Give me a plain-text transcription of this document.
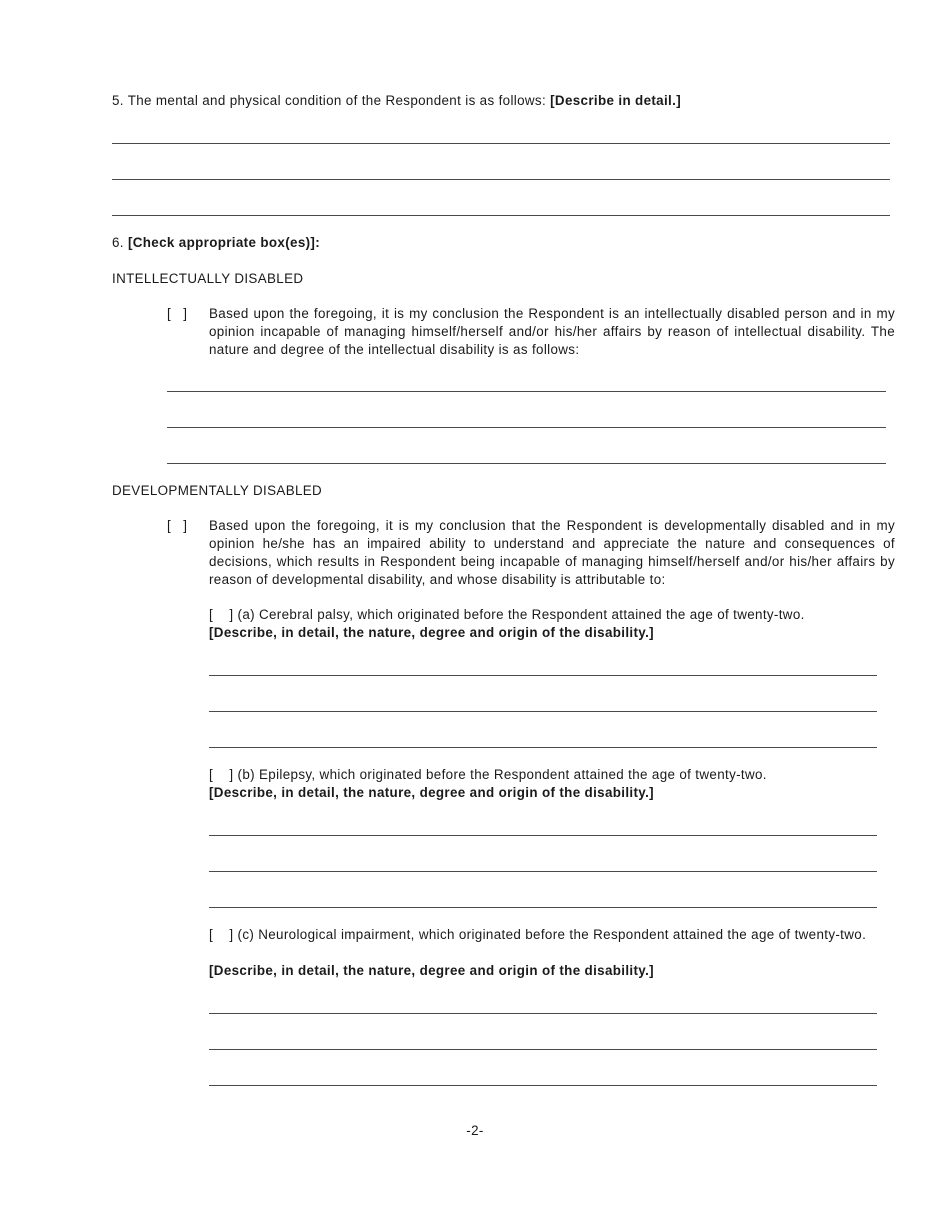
5. The mental and physical condition of the Respondent is as follows: [Describe in detail.]
6. [Check appropriate box(es)]:
INTELLECTUALLY DISABLED
[   ] Based upon the foregoing, it is my conclusion the Respondent is an intellectually disabled person and in my opinion incapable of managing himself/herself and/or his/her affairs by reason of intellectual disability. The nature and degree of the intellectual disability is as follows:
DEVELOPMENTALLY DISABLED
[   ] Based upon the foregoing, it is my conclusion that the Respondent is developmentally disabled and in my opinion he/she has an impaired ability to understand and appreciate the nature and consequences of decisions, which results in Respondent being incapable of managing himself/herself and/or his/her affairs by reason of developmental disability, and whose disability is attributable to:
[    ] (a) Cerebral palsy, which originated before the Respondent attained the age of twenty-two.
[Describe, in detail, the nature, degree and origin of the disability.]
[    ] (b) Epilepsy, which originated before the Respondent attained the age of twenty-two.
[Describe, in detail, the nature, degree and origin of the disability.]
[    ] (c) Neurological impairment, which originated before the Respondent attained the age of twenty-two.
[Describe, in detail, the nature, degree and origin of the disability.]
-2-
